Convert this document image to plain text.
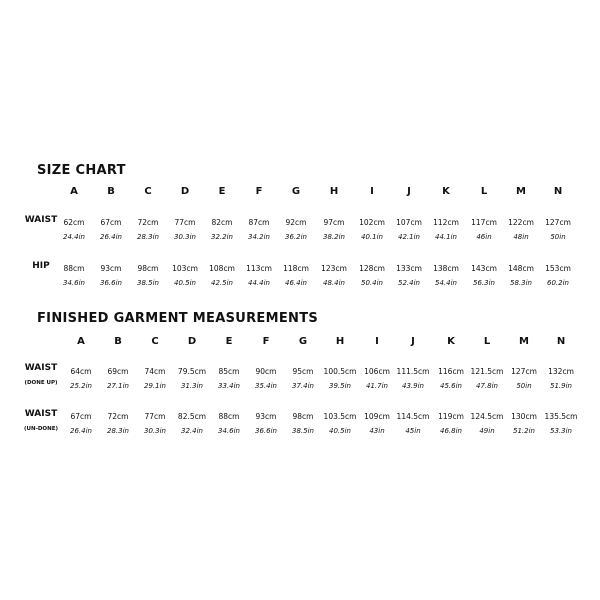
SIZE CHART
A	B	C	D	E	F	G	H	I	J	K	L	M	N
WAIST 62cm 67cm 72cm 77cm 82cm 87cm 92cm 97cm 102cm 107cm 112cm 117cm 122cm 127cm
24.4in 26.4in 28.3in 30.3in 32.2in 34.2in 36.2in 38.2in 40.1in 42.1in 44.1in	46in	48in	50in
HIP	88cm 93cm 98cm 103cm 108cm 113cm 118cm 123cm 128cm 133cm 138cm 143cm 148cm 153cm
34.6in 36.6in 38.5in 40.5in 42.5in 44.4in 46.4in 48.4in 50.4in 52.4in 54.4in 56.3in 58.3in 60.2in
FINISHED GARMENT MEASUREMENTS
A	B	C	D	E	F	G	H	I	J	K	L	M	N
WAIST
(DONE UP)
64cm 69cm 74cm 79.5cm 85cm 90cm 95cm 100.5cm 106cm 111.5cm 116cm 121.5cm 127cm 132cm
25.2in 27.1in 29.1in 31.3in 33.4in 35.4in 37.4in 39.5in 41.7in 43.9in 45.6in 47.8in	50in	51.9in
WAIST
(UN-DONE)
67cm 72cm 77cm 82.5cm 88cm 93cm 98cm 103.5cm 109cm 114.5cm 119cm 124.5cm 130cm 135.5cm
26.4in 28.3in 30.3in 32.4in 34.6in 36.6in 38.5in 40.5in	43in	45in	46.8in 49in	51.2in 53.3in
